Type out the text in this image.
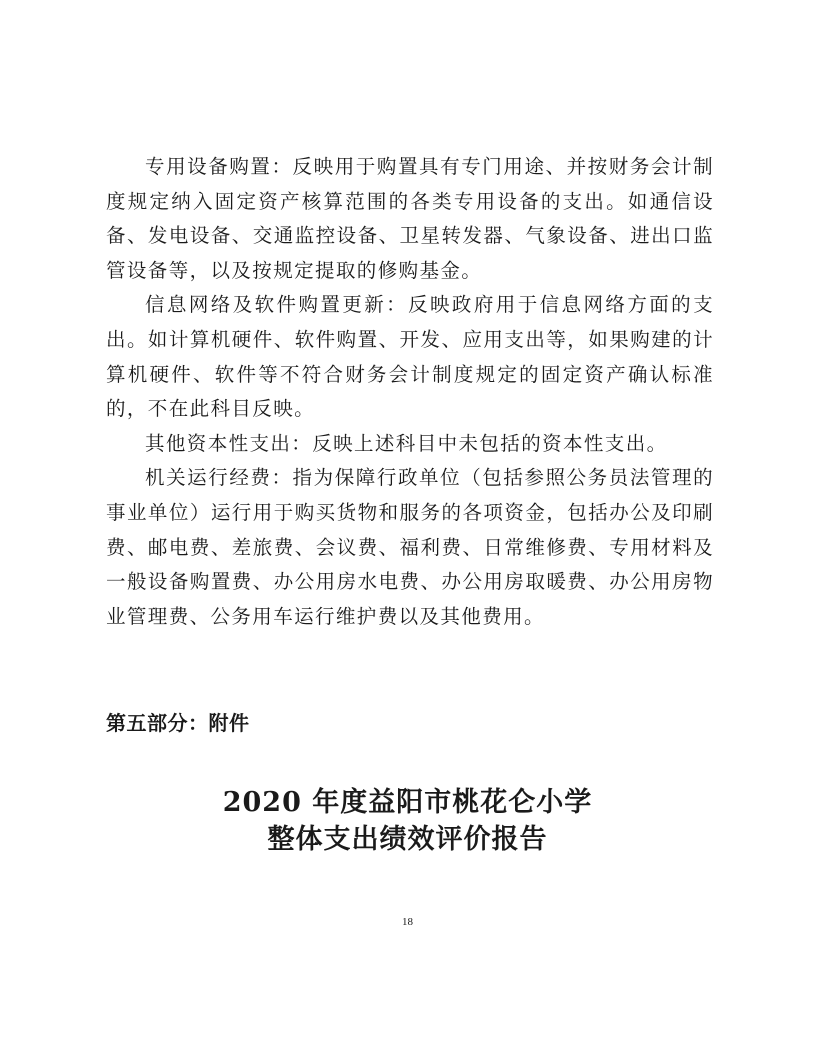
专用设备购置：反映用于购置具有专门用途、并按财务会计制度规定纳入固定资产核算范围的各类专用设备的支出。如通信设备、发电设备、交通监控设备、卫星转发器、气象设备、进出口监管设备等，以及按规定提取的修购基金。

信息网络及软件购置更新：反映政府用于信息网络方面的支出。如计算机硬件、软件购置、开发、应用支出等，如果购建的计算机硬件、软件等不符合财务会计制度规定的固定资产确认标准的，不在此科目反映。

其他资本性支出：反映上述科目中未包括的资本性支出。

机关运行经费：指为保障行政单位（包括参照公务员法管理的事业单位）运行用于购买货物和服务的各项资金，包括办公及印刷费、邮电费、差旅费、会议费、福利费、日常维修费、专用材料及一般设备购置费、办公用房水电费、办公用房取暖费、办公用房物业管理费、公务用车运行维护费以及其他费用。

第五部分：附件
2020 年度益阳市桃花仑小学
整体支出绩效评价报告
18
